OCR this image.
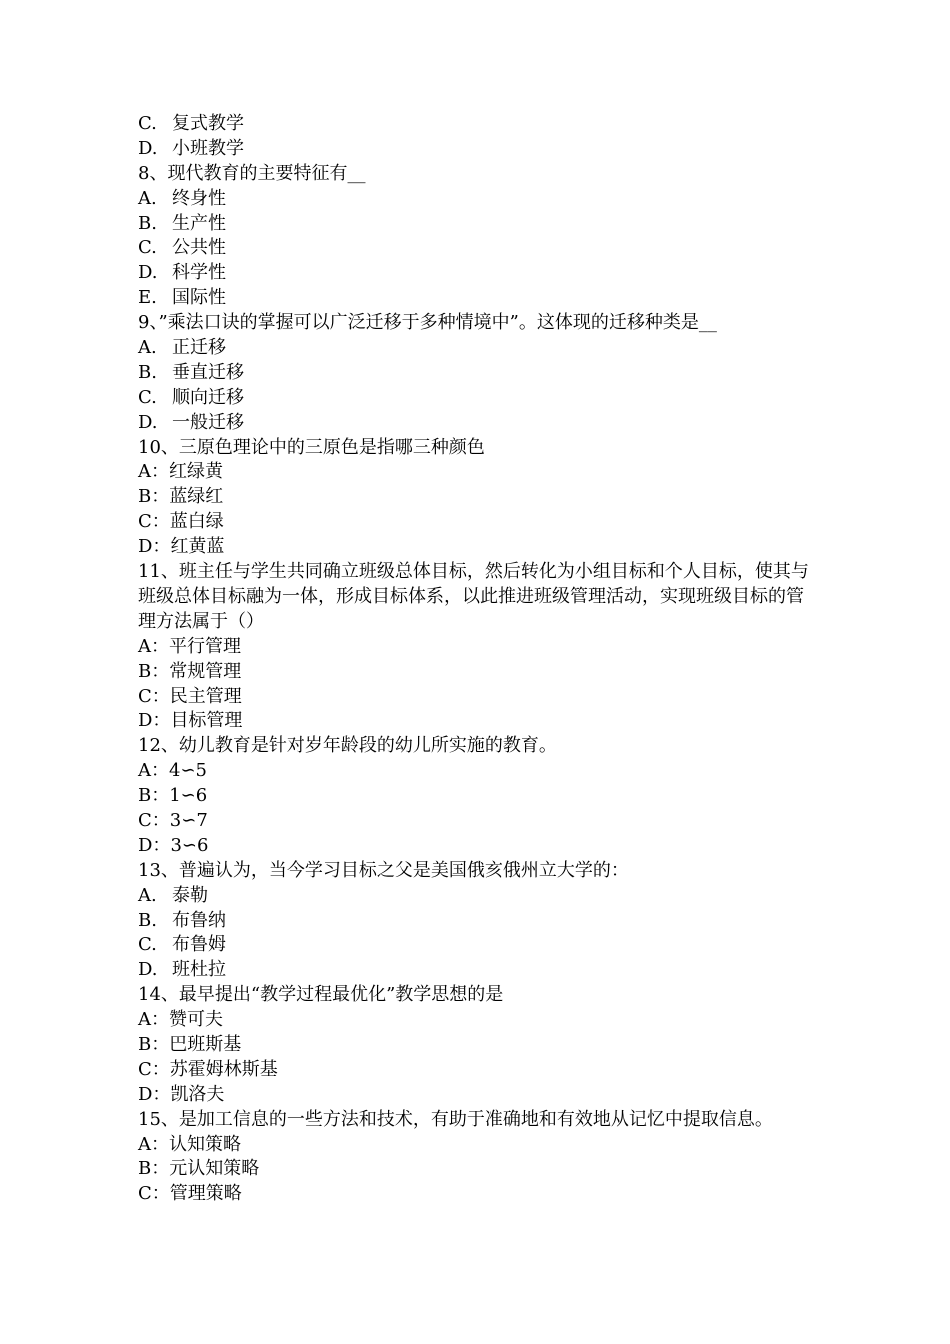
C. 复式教学
D. 小班教学
8、现代教育的主要特征有__
A. 终身性
B. 生产性
C. 公共性
D. 科学性
E. 国际性
9、”乘法口诀的掌握可以广泛迁移于多种情境中”。这体现的迁移种类是__
A. 正迁移
B. 垂直迁移
C. 顺向迁移
D. 一般迁移
10、三原色理论中的三原色是指哪三种颜色
A：红绿黄
B：蓝绿红
C：蓝白绿
D：红黄蓝
11、班主任与学生共同确立班级总体目标，然后转化为小组目标和个人目标，使其与班级总体目标融为一体，形成目标体系，以此推进班级管理活动，实现班级目标的管理方法属于（）
A：平行管理
B：常规管理
C：民主管理
D：目标管理
12、幼儿教育是针对岁年龄段的幼儿所实施的教育。
A：4∽5
B：1∽6
C：3∽7
D：3∽6
13、普遍认为，当今学习目标之父是美国俄亥俄州立大学的：
A. 泰勒
B. 布鲁纳
C. 布鲁姆
D. 班杜拉
14、最早提出“教学过程最优化”教学思想的是
A：赞可夫
B：巴班斯基
C：苏霍姆林斯基
D：凯洛夫
15、是加工信息的一些方法和技术，有助于准确地和有效地从记忆中提取信息。
A：认知策略
B：元认知策略
C：管理策略
